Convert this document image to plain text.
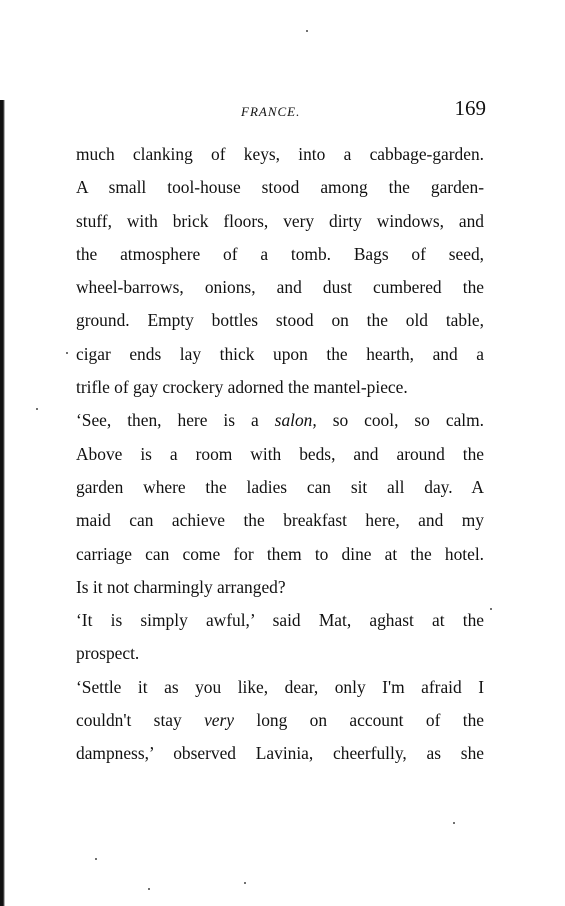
FRANCE.	169
much clanking of keys, into a cabbage-garden.
A small tool-house stood among the garden-
stuff, with brick floors, very dirty windows, and
the atmosphere of a tomb. Bags of seed,
wheel-barrows, onions, and dust cumbered the
ground. Empty bottles stood on the old table,
cigar ends lay thick upon the hearth, and a
trifle of gay crockery adorned the mantel-piece.
‘See, then, here is a salon, so cool, so calm.
Above is a room with beds, and around the
garden where the ladies can sit all day. A
maid can achieve the breakfast here, and my
carriage can come for them to dine at the hotel.
Is it not charmingly arranged?
‘It is simply awful,’ said Mat, aghast at the
prospect.
‘Settle it as you like, dear, only I'm afraid I
couldn't stay very long on account of the
dampness,’ observed Lavinia, cheerfully, as she
